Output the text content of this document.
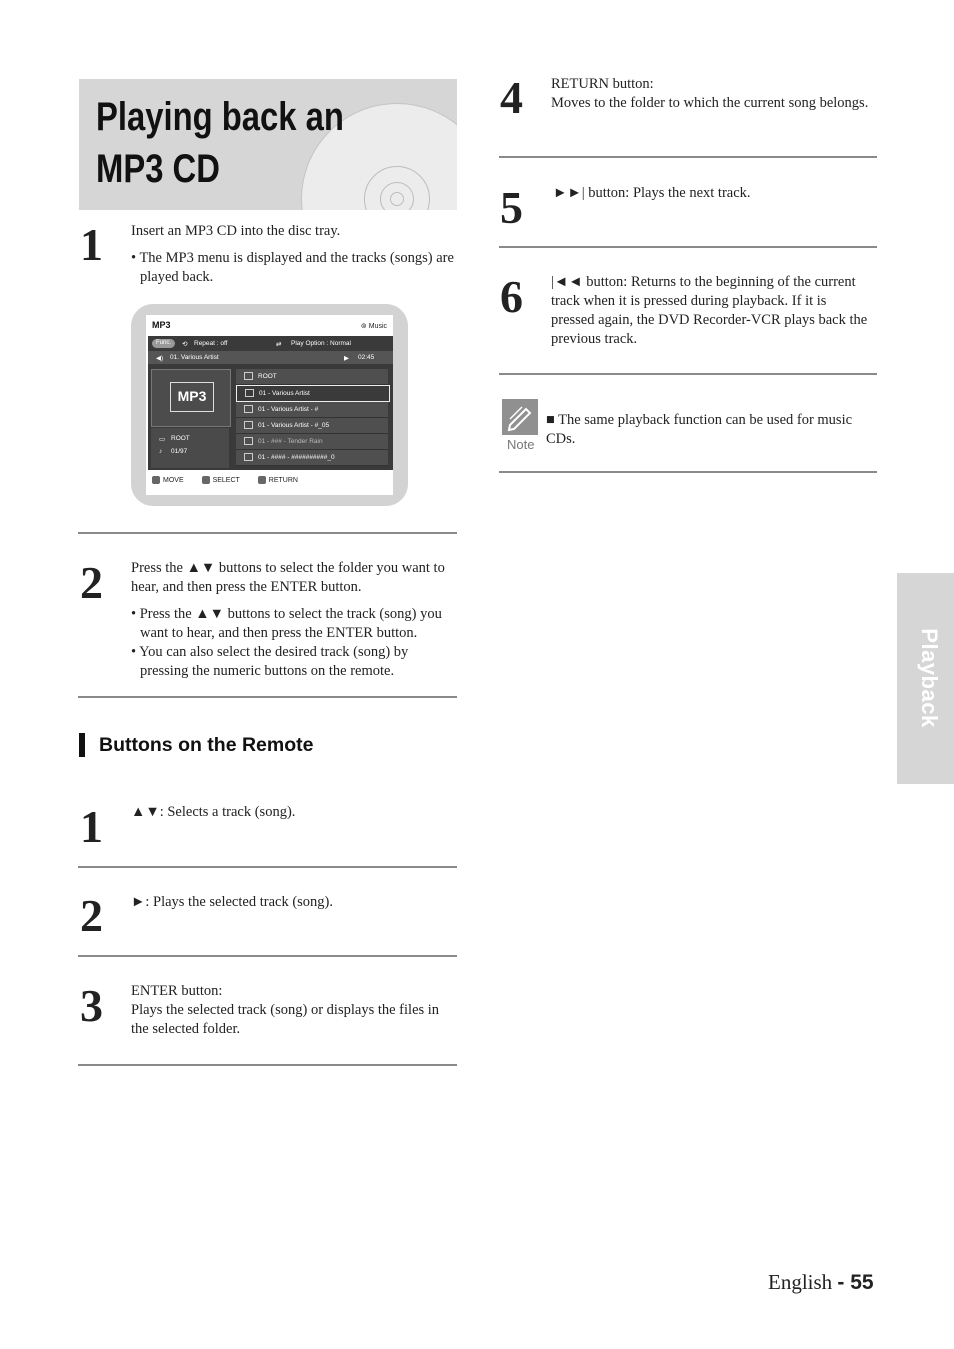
Playing back an MP3 CD
1 Insert an MP3 CD into the disc tray.

• The MP3 menu is displayed and the tracks (songs) are played back.

MP3	⊚ Music
Func.	⟲ Repeat : off	⇄ Play Option : Normal
◀) 01. Various Artist	▶ 02:45
MP3
▭ ROOT
♪ 01/97
ROOT
01 - Various Artist
01 - Various Artist - #
01 - Various Artist - #_05
01 - ### - Tender Rain
01 - #### - ##########_0
MOVE	SELECT	RETURN
2 Press the ▲▼ buttons to select the folder you want to hear, and then press the ENTER button.

• Press the ▲▼ buttons to select the track (song) you want to hear, and then press the ENTER button.

• You can also select the desired track (song) by pressing the numeric buttons on the remote.

Buttons on the Remote
1 ▲▼: Selects a track (song).
2 ►: Plays the selected track (song).
3 ENTER button:

Plays the selected track (song) or displays the files in the selected folder.

4 RETURN button:

Moves to the folder to which the current song belongs.

5 ►►| button: Plays the next track.
6 |◄◄ button: Returns to the beginning of the current track when it is pressed during playback. If it is pressed again, the DVD Recorder-VCR plays back the previous track.
Note
■ The same playback function can be used for music CDs.
Playback
English - 55
